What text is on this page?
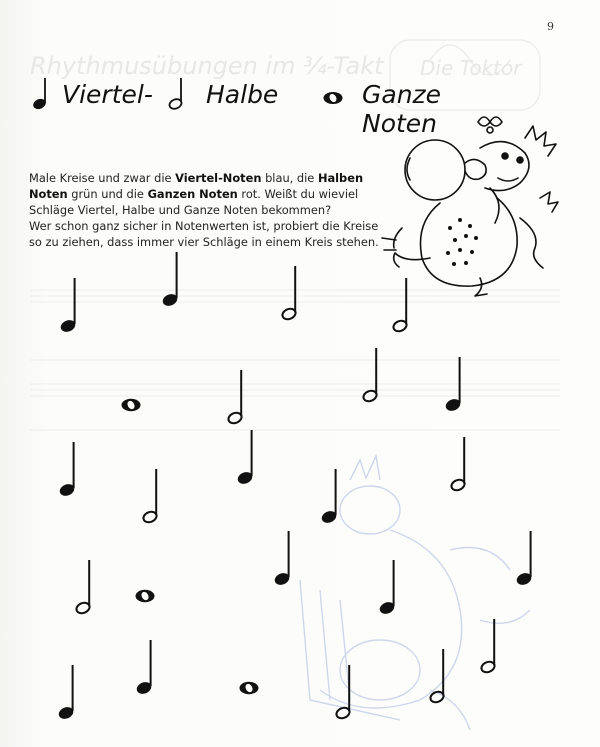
Rhythmusübungen im ¾-Takt Die Toktor
9
Viertel- Halbe	Ganze Noten

Male Kreise und zwar die Viertel-Noten blau, die Halben Noten grün und die Ganzen Noten rot. Weißt du wieviel Schläge Viertel, Halbe und Ganze Noten bekommen?

Wer schon ganz sicher in Notenwerten ist, probiert die Kreise so zu ziehen, dass immer vier Schläge in einem Kreis stehen.
